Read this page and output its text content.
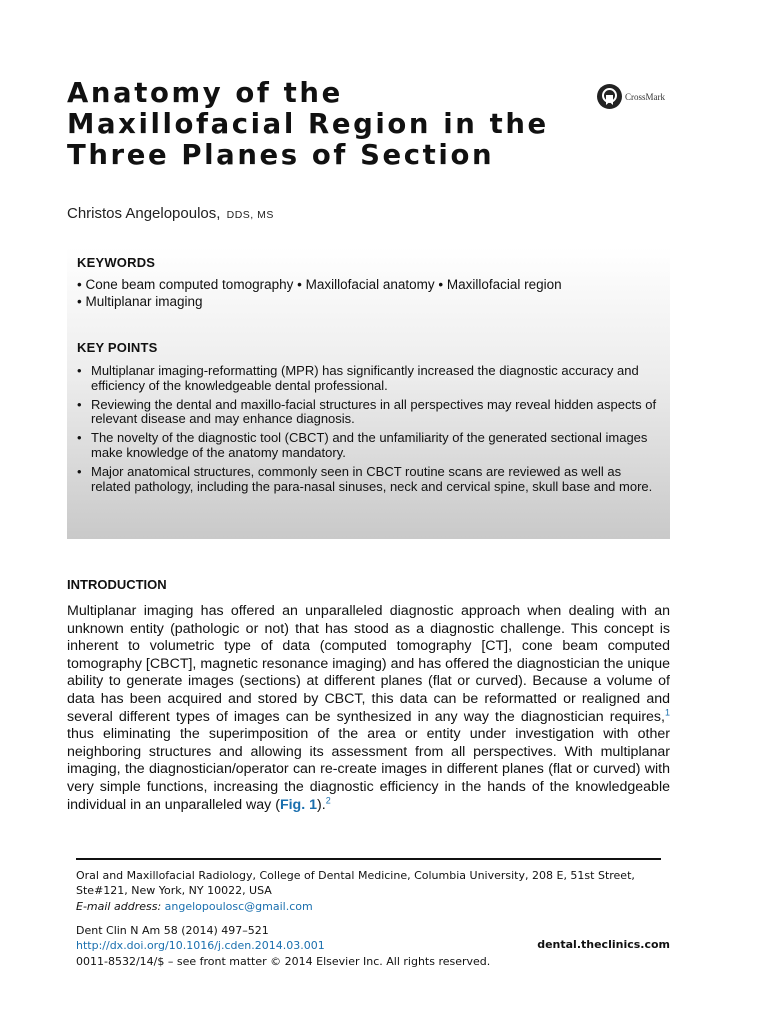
Anatomy of the
Maxillofacial Region in the
Three Planes of Section
CrossMark
Christos Angelopoulos, DDS, MS
KEYWORDS
• Cone beam computed tomography • Maxillofacial anatomy • Maxillofacial region
• Multiplanar imaging
KEY POINTS
• Multiplanar imaging-reformatting (MPR) has significantly increased the diagnostic accuracy and efficiency of the knowledgeable dental professional.
• Reviewing the dental and maxillo-facial structures in all perspectives may reveal hidden aspects of relevant disease and may enhance diagnosis.
• The novelty of the diagnostic tool (CBCT) and the unfamiliarity of the generated sectional images make knowledge of the anatomy mandatory.
• Major anatomical structures, commonly seen in CBCT routine scans are reviewed as well as related pathology, including the para-nasal sinuses, neck and cervical spine, skull base and more.
INTRODUCTION

Multiplanar imaging has offered an unparalleled diagnostic approach when dealing with an unknown entity (pathologic or not) that has stood as a diagnostic challenge. This concept is inherent to volumetric type of data (computed tomography [CT], cone beam computed tomography [CBCT], magnetic resonance imaging) and has offered the diagnostician the unique ability to generate images (sections) at different planes (flat or curved). Because a volume of data has been acquired and stored by CBCT, this data can be reformatted or realigned and several different types of images can be synthesized in any way the diagnostician requires,$^1$ thus eliminating the superimposition of the area or entity under investigation with other neighboring structures and allowing its assessment from all perspectives. With multiplanar imaging, the diagnostician/operator can re-create images in different planes (flat or curved) with very simple functions, increasing the diagnostic efficiency in the hands of the knowledgeable individual in an unparalleled way (Fig. 1).$^2$

Oral and Maxillofacial Radiology, College of Dental Medicine, Columbia University, 208 E, 51st Street, Ste#121, New York, NY 10022, USA
E-mail address: angelopoulosc@gmail.com
Dent Clin N Am 58 (2014) 497–521
http://dx.doi.org/10.1016/j.cden.2014.03.001
0011-8532/14/$ – see front matter © 2014 Elsevier Inc. All rights reserved.
dental.theclinics.com
